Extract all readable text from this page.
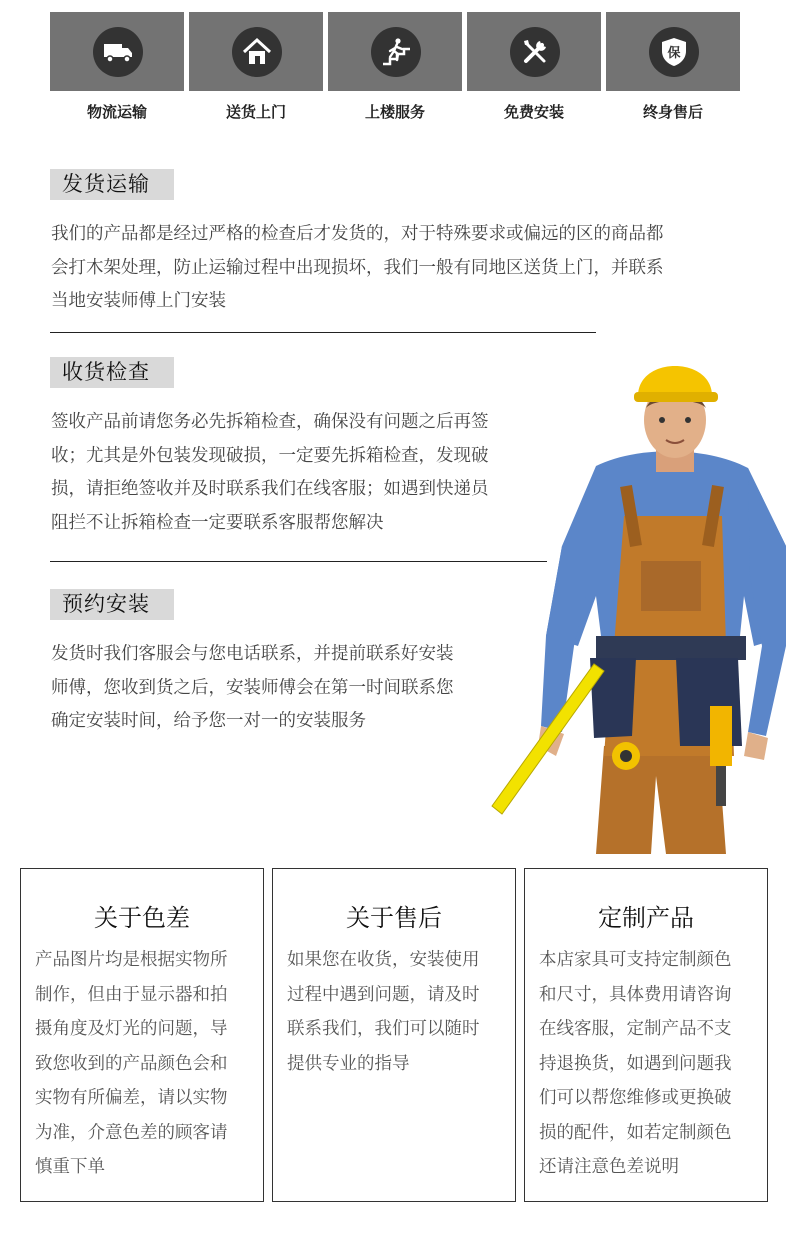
保
物流运输	送货上门	上楼服务	免费安装	终身售后
发货运输
我们的产品都是经过严格的检查后才发货的，对于特殊要求或偏远的区的商品都
会打木架处理，防止运输过程中出现损坏，我们一般有同地区送货上门，并联系
当地安装师傅上门安装
收货检查
签收产品前请您务必先拆箱检查，确保没有问题之后再签
收；尤其是外包装发现破损，一定要先拆箱检查，发现破
损，请拒绝签收并及时联系我们在线客服；如遇到快递员
阻拦不让拆箱检查一定要联系客服帮您解决
预约安装
发货时我们客服会与您电话联系，并提前联系好安装
师傅，您收到货之后，安装师傅会在第一时间联系您
确定安装时间，给予您一对一的安装服务
关于色差

产品图片均是根据实物所

制作，但由于显示器和拍

摄角度及灯光的问题，导

致您收到的产品颜色会和

实物有所偏差，请以实物

为准，介意色差的顾客请

慎重下单

关于售后

如果您在收货，安装使用

过程中遇到问题，请及时

联系我们，我们可以随时

提供专业的指导

定制产品

本店家具可支持定制颜色

和尺寸，具体费用请咨询

在线客服，定制产品不支

持退换货，如遇到问题我

们可以帮您维修或更换破

损的配件，如若定制颜色

还请注意色差说明
